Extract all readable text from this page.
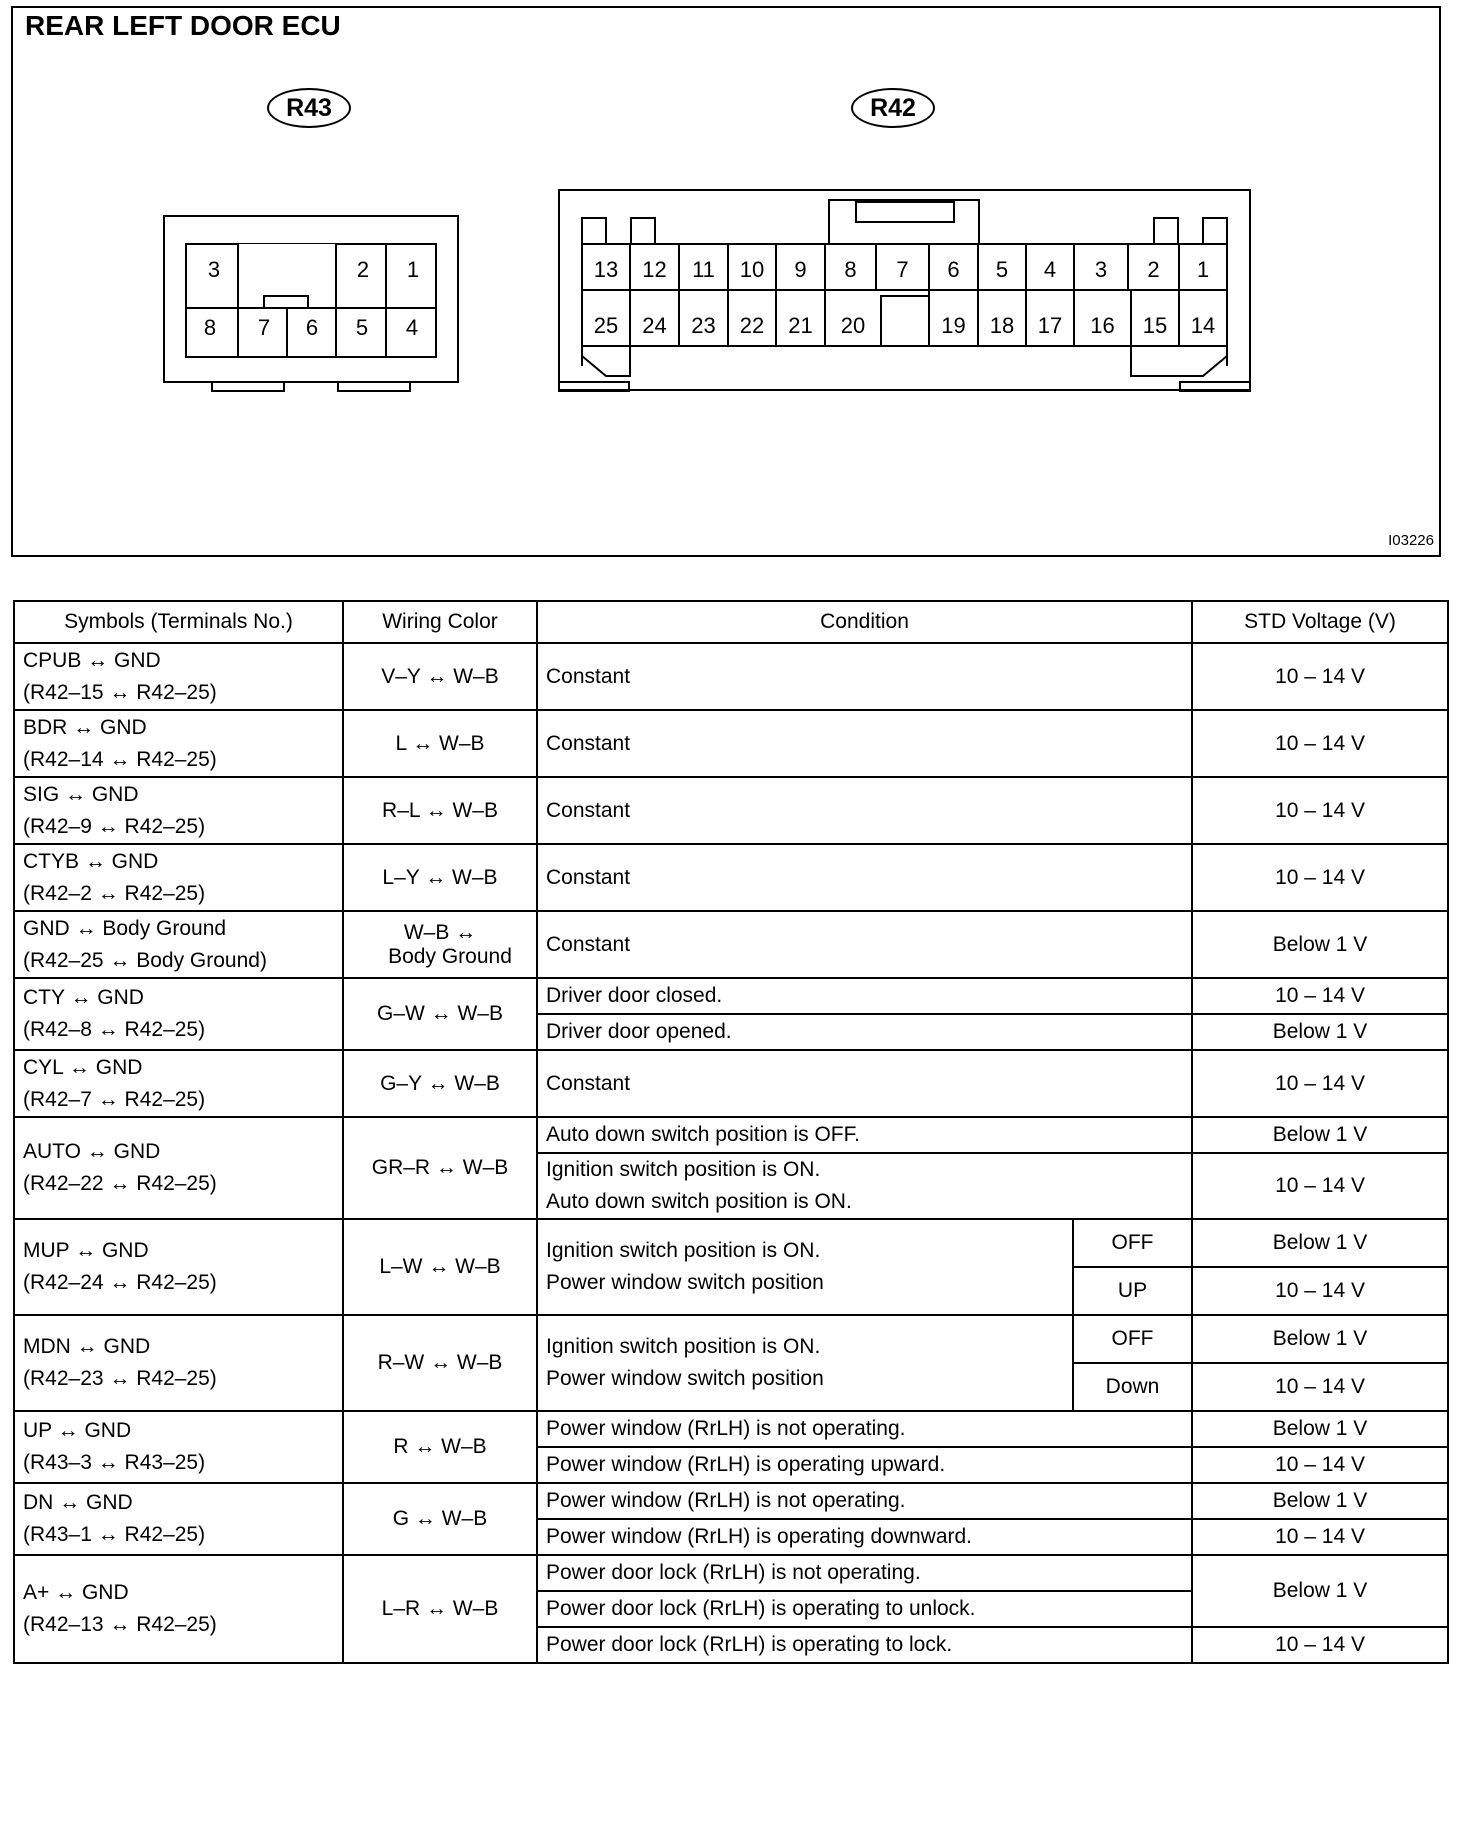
REAR LEFT DOOR ECU
I03226
R43	R42
3	2 1
8 7 6 5 4
13 12 11 10 9 8 7 6 5 4 3 2 1
25 24 23 22 21 20	19 18 17 16 15 14
Symbols (Terminals No.)	Wiring Color	Condition		STD Voltage (V)
CPUB ↔ GND
(R42–15 ↔ R42–25)	V–Y ↔ W–B	Constant		10 – 14 V
BDR ↔ GND
(R42–14 ↔ R42–25)	L ↔ W–B	Constant		10 – 14 V
SIG ↔ GND
(R42–9 ↔ R42–25)	R–L ↔ W–B	Constant		10 – 14 V
CTYB ↔ GND
(R42–2 ↔ R42–25)	L–Y ↔ W–B	Constant		10 – 14 V
GND ↔ Body Ground
(R42–25 ↔ Body Ground)	W–B ↔
Body Ground	Constant		Below 1 V
CTY ↔ GND
(R42–8 ↔ R42–25)	G–W ↔ W–B	Driver door closed.		10 – 14 V
		Driver door opened.		Below 1 V
CYL ↔ GND
(R42–7 ↔ R42–25)	G–Y ↔ W–B	Constant		10 – 14 V
AUTO ↔ GND
(R42–22 ↔ R42–25)	GR–R ↔ W–B	Auto down switch position is OFF.		Below 1 V
		Ignition switch position is ON.
Auto down switch position is ON.		10 – 14 V
MUP ↔ GND
(R42–24 ↔ R42–25)	L–W ↔ W–B	Ignition switch position is ON.
Power window switch position	OFF	Below 1 V
			UP	10 – 14 V
MDN ↔ GND
(R42–23 ↔ R42–25)	R–W ↔ W–B	Ignition switch position is ON.
Power window switch position	OFF	Below 1 V
			Down	10 – 14 V
UP ↔ GND
(R43–3 ↔ R43–25)	R ↔ W–B	Power window (RrLH) is not operating.		Below 1 V
		Power window (RrLH) is operating upward.		10 – 14 V
DN ↔ GND
(R43–1 ↔ R42–25)	G ↔ W–B	Power window (RrLH) is not operating.		Below 1 V
		Power window (RrLH) is operating downward.		10 – 14 V
A+ ↔ GND
(R42–13 ↔ R42–25)	L–R ↔ W–B	Power door lock (RrLH) is not operating.		Below 1 V
		Power door lock (RrLH) is operating to unlock.		
		Power door lock (RrLH) is operating to lock.		10 – 14 V
